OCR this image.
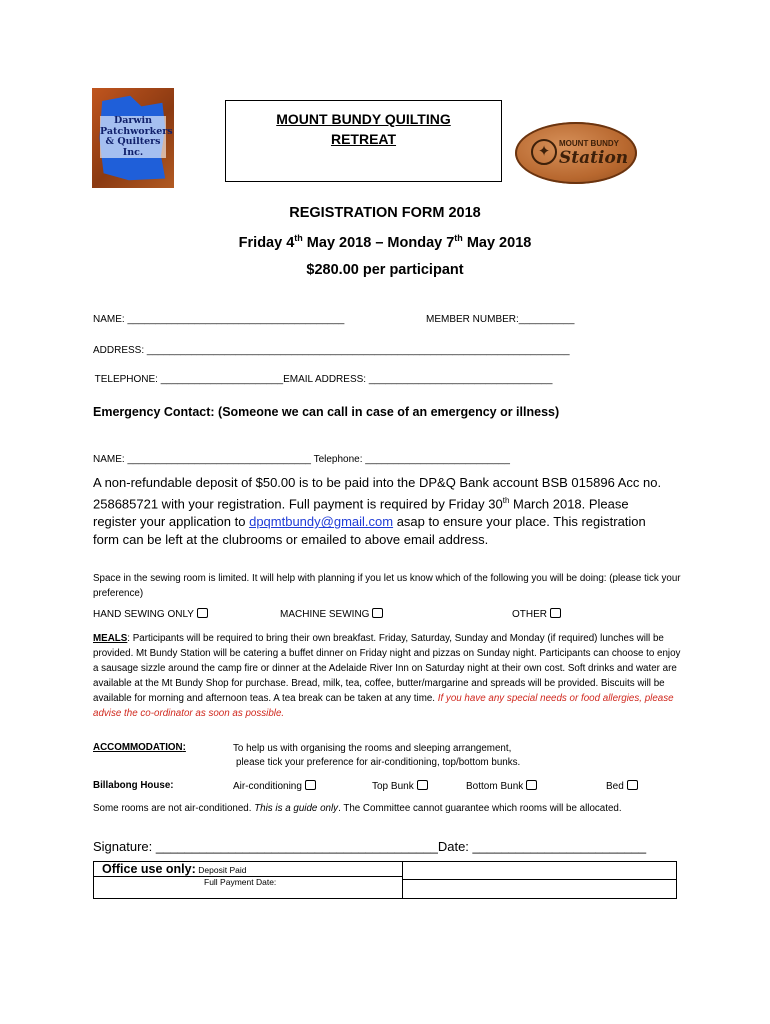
Darwin
Patchworkers
& Quilters
Inc.
MOUNT BUNDY QUILTING
RETREAT
✦	MOUNT BUNDY
Station
REGISTRATION FORM 2018
Friday 4th May 2018 – Monday 7th May 2018
$280.00 per participant
NAME: _______________________________________	MEMBER NUMBER:__________
ADDRESS: ____________________________________________________________________________
TELEPHONE: ______________________EMAIL ADDRESS: _________________________________
Emergency Contact: (Someone we can call in case of an emergency or illness)
NAME: _________________________________ Telephone: __________________________
A non-refundable deposit of $50.00 is to be paid into the DP&Q Bank account BSB 015896 Acc no. 258685721 with your registration. Full payment is required by Friday 30th March 2018. Please register your application to dpqmtbundy@gmail.com asap to ensure your place. This registration form can be left at the clubrooms or emailed to above email address.
Space in the sewing room is limited. It will help with planning if you let us know which of the following you will be doing: (please tick your preference)
HAND SEWING ONLY	MACHINE SEWING	OTHER
MEALS: Participants will be required to bring their own breakfast. Friday, Saturday, Sunday and Monday (if required) lunches will be provided. Mt Bundy Station will be catering a buffet dinner on Friday night and pizzas on Sunday night. Participants can choose to enjoy a sausage sizzle around the camp fire or dinner at the Adelaide River Inn on Saturday night at their own cost. Soft drinks and water are available at the Mt Bundy Shop for purchase. Bread, milk, tea, coffee, butter/margarine and spreads will be provided. Biscuits will be available for morning and afternoon teas. A tea break can be taken at any time. If you have any special needs or food allergies, please advise the co-ordinator as soon as possible.
ACCOMMODATION:	To help us with organising the rooms and sleeping arrangement,
please tick your preference for air-conditioning, top/bottom bunks.
Billabong House:	Air-conditioning	Top Bunk	Bottom Bunk	Bed
Some rooms are not air-conditioned. This is a guide only. The Committee cannot guarantee which rooms will be allocated.
Signature: _______________________________________Date: ________________________
Office use only: Deposit Paid
Full Payment Date:
